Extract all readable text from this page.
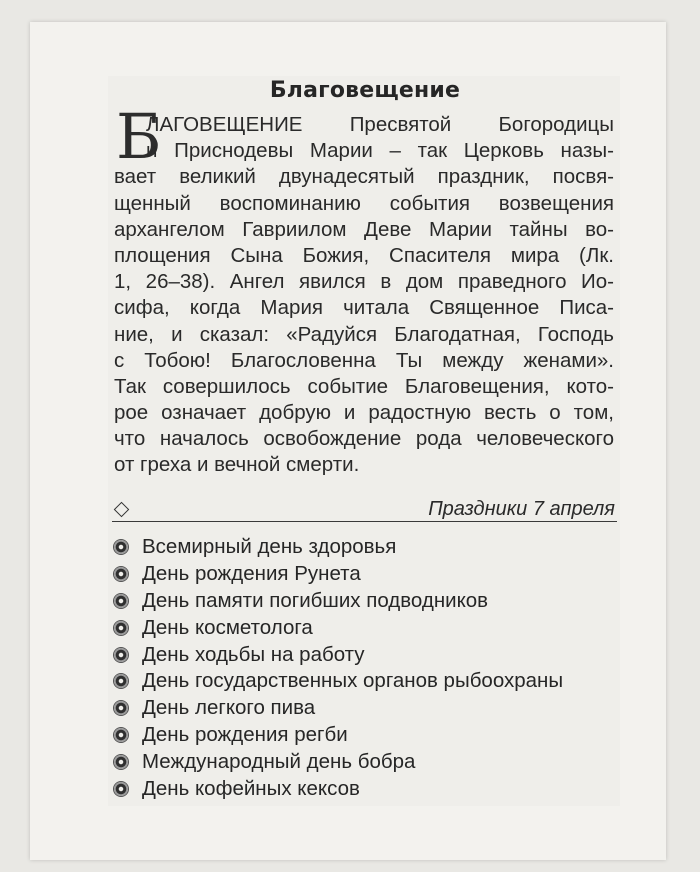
Благовещение
Б
ЛАГОВЕЩЕНИЕ Пресвятой Богородицы
и Приснодевы Марии – так Церковь назы-
вает великий двунадесятый праздник, посвя-
щенный воспоминанию события возвещения
архангелом Гавриилом Деве Марии тайны во-
площения Сына Божия, Спасителя мира (Лк.
1, 26–38). Ангел явился в дом праведного Ио-
сифа, когда Мария читала Священное Писа-
ние, и сказал: «Радуйся Благодатная, Господь
с Тобою! Благословенна Ты между женами».
Так совершилось событие Благовещения, кото-
рое означает добрую и радостную весть о том,
что началось освобождение рода человеческого
от греха и вечной смерти.
Праздники 7 апреля
Всемирный день здоровья
День рождения Рунета
День памяти погибших подводников
День косметолога
День ходьбы на работу
День государственных органов рыбоохраны
День легкого пива
День рождения регби
Международный день бобра
День кофейных кексов
